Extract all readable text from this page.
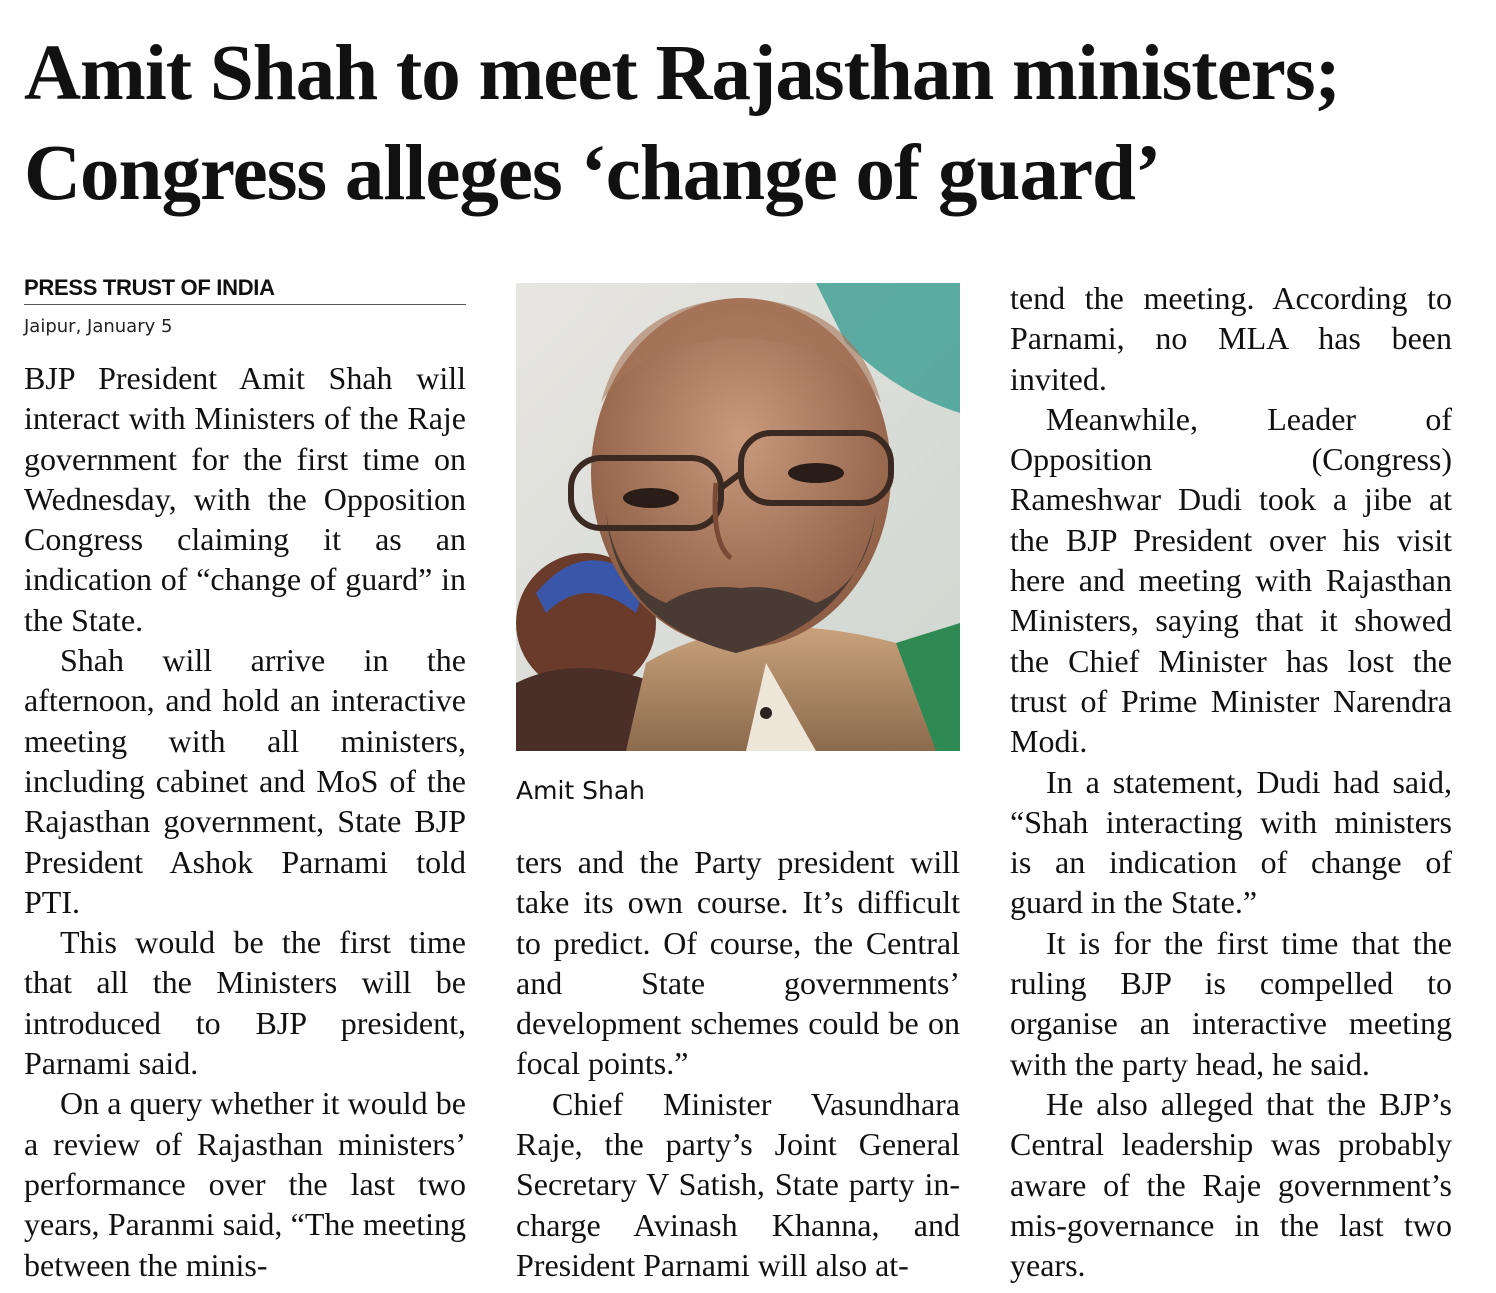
Amit Shah to meet Rajasthan ministers;
Congress alleges ‘change of guard’
PRESS TRUST OF INDIA
Jaipur, January 5

BJP President Amit Shah will interact with Ministers of the Raje government for the first time on Wednesday, with the Opposition Congress claiming it as an indication of “change of guard” in the State.

Shah will arrive in the afternoon, and hold an interactive meeting with all ministers, including cabinet and MoS of the Rajasthan government, State BJP President Ashok Parnami told PTI.

This would be the first time that all the Ministers will be introduced to BJP president, Parnami said.

On a query whether it would be a review of Rajasthan ministers’ performance over the last two years, Paranmi said, “The meeting between the minis-

Amit Shah

ters and the Party president will take its own course. It’s difficult to predict. Of course, the Central and State governments’ development schemes could be on focal points.”

Chief Minister Vasundhara Raje, the party’s Joint General Secretary V Satish, State party in-charge Avinash Khanna, and President Parnami will also at-

tend the meeting. According to Parnami, no MLA has been invited.

Meanwhile, Leader of Opposition (Congress) Rameshwar Dudi took a jibe at the BJP President over his visit here and meeting with Rajasthan Ministers, saying that it showed the Chief Minister has lost the trust of Prime Minister Narendra Modi.

In a statement, Dudi had said, “Shah interacting with ministers is an indication of change of guard in the State.”

It is for the first time that the ruling BJP is compelled to organise an interactive meeting with the party head, he said.

He also alleged that the BJP’s Central leadership was probably aware of the Raje government’s mis-governance in the last two years.
